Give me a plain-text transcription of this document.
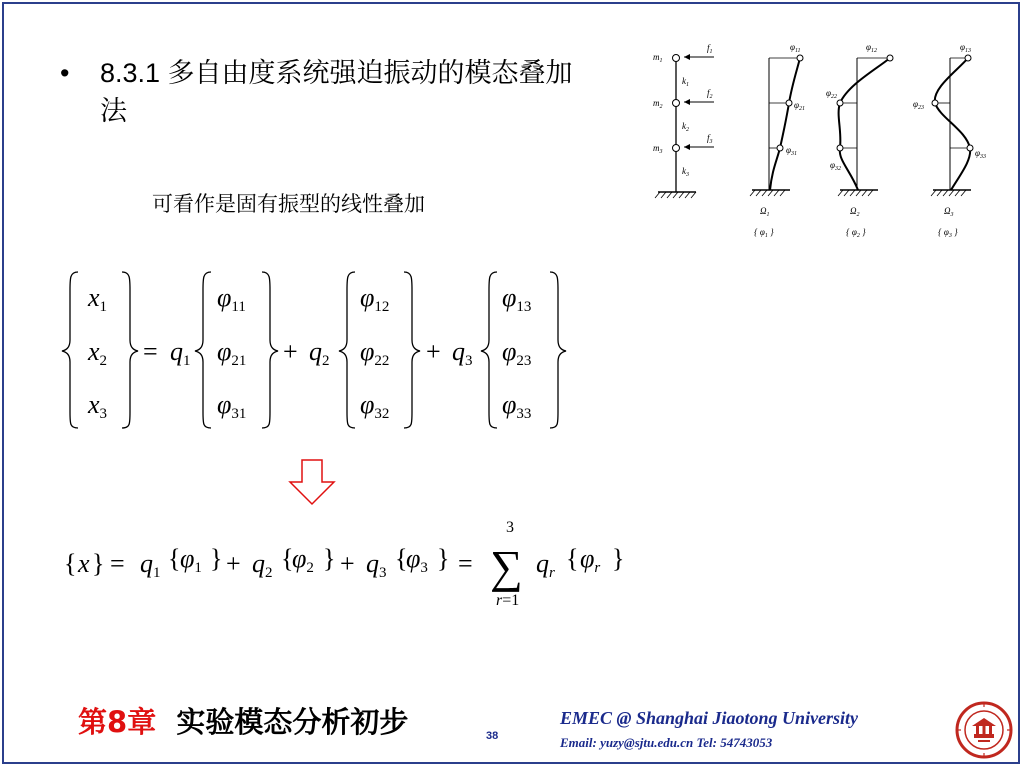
•	8.3.1 多自由度系统强迫振动的模态叠加法
可看作是固有振型的线性叠加
$m_1$
$m_2$
$m_3$
$k_1$
$k_2$
$k_3$
$f_1$
$f_2$
$f_3$
$\varphi_{11}$
$\varphi_{21}$
$\varphi_{31}$
$\Omega_1$
{ $\varphi_1$ }
$\varphi_{12}$
$\varphi_{22}$
$\varphi_{32}$
$\Omega_2$
{ $\varphi_2$ }
$\varphi_{13}$
$\varphi_{23}$
$\varphi_{33}$
$\Omega_3$
{ $\varphi_3$ }
x1
x2
x3
= q1
φ11
φ21
φ31
+ q2
φ12
φ22
φ32
+ q3
φ13
φ23
φ33
{ x } = q1 { φ1 } + q2 {
φ2 } + q3 {
φ3 } = ∑
3
r=1
qr { φr }
第8章 实验模态分析初步	38
EMEC @ Shanghai Jiaotong University
Email: yuzy@sjtu.edu.cn Tel: 54743053
